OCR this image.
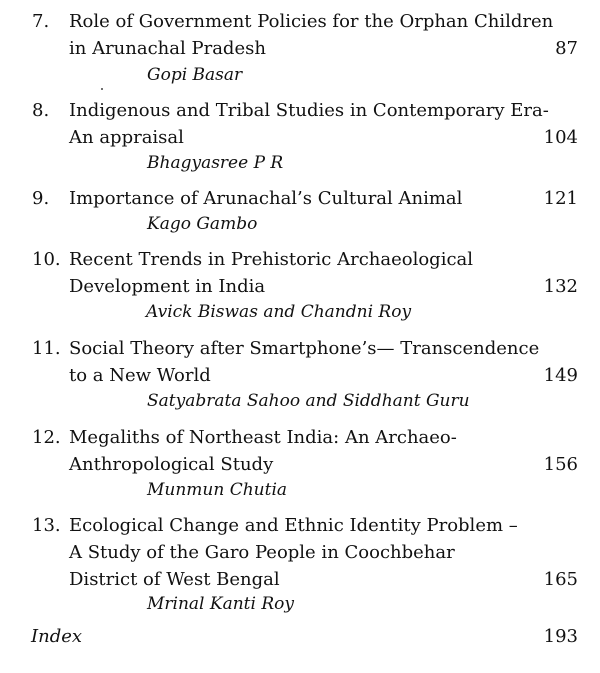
7. Role of Government Policies for the Orphan Children
in Arunachal Pradesh
Gopi Basar
87
8. Indigenous and Tribal Studies in Contemporary Era-
An appraisal
Bhagyasree P R
104
9. Importance of Arunachal’s Cultural Animal
Kago Gambo
121
10. Recent Trends in Prehistoric Archaeological
Development in India
Avick Biswas and Chandni Roy
132
11. Social Theory after Smartphone’s— Transcendence
to a New World
Satyabrata Sahoo and Siddhant Guru
149
12. Megaliths of Northeast India: An Archaeo-
Anthropological Study
Munmun Chutia
156
13. Ecological Change and Ethnic Identity Problem –
A Study of the Garo People in Coochbehar
District of West Bengal
Mrinal Kanti Roy
165
Index	193
